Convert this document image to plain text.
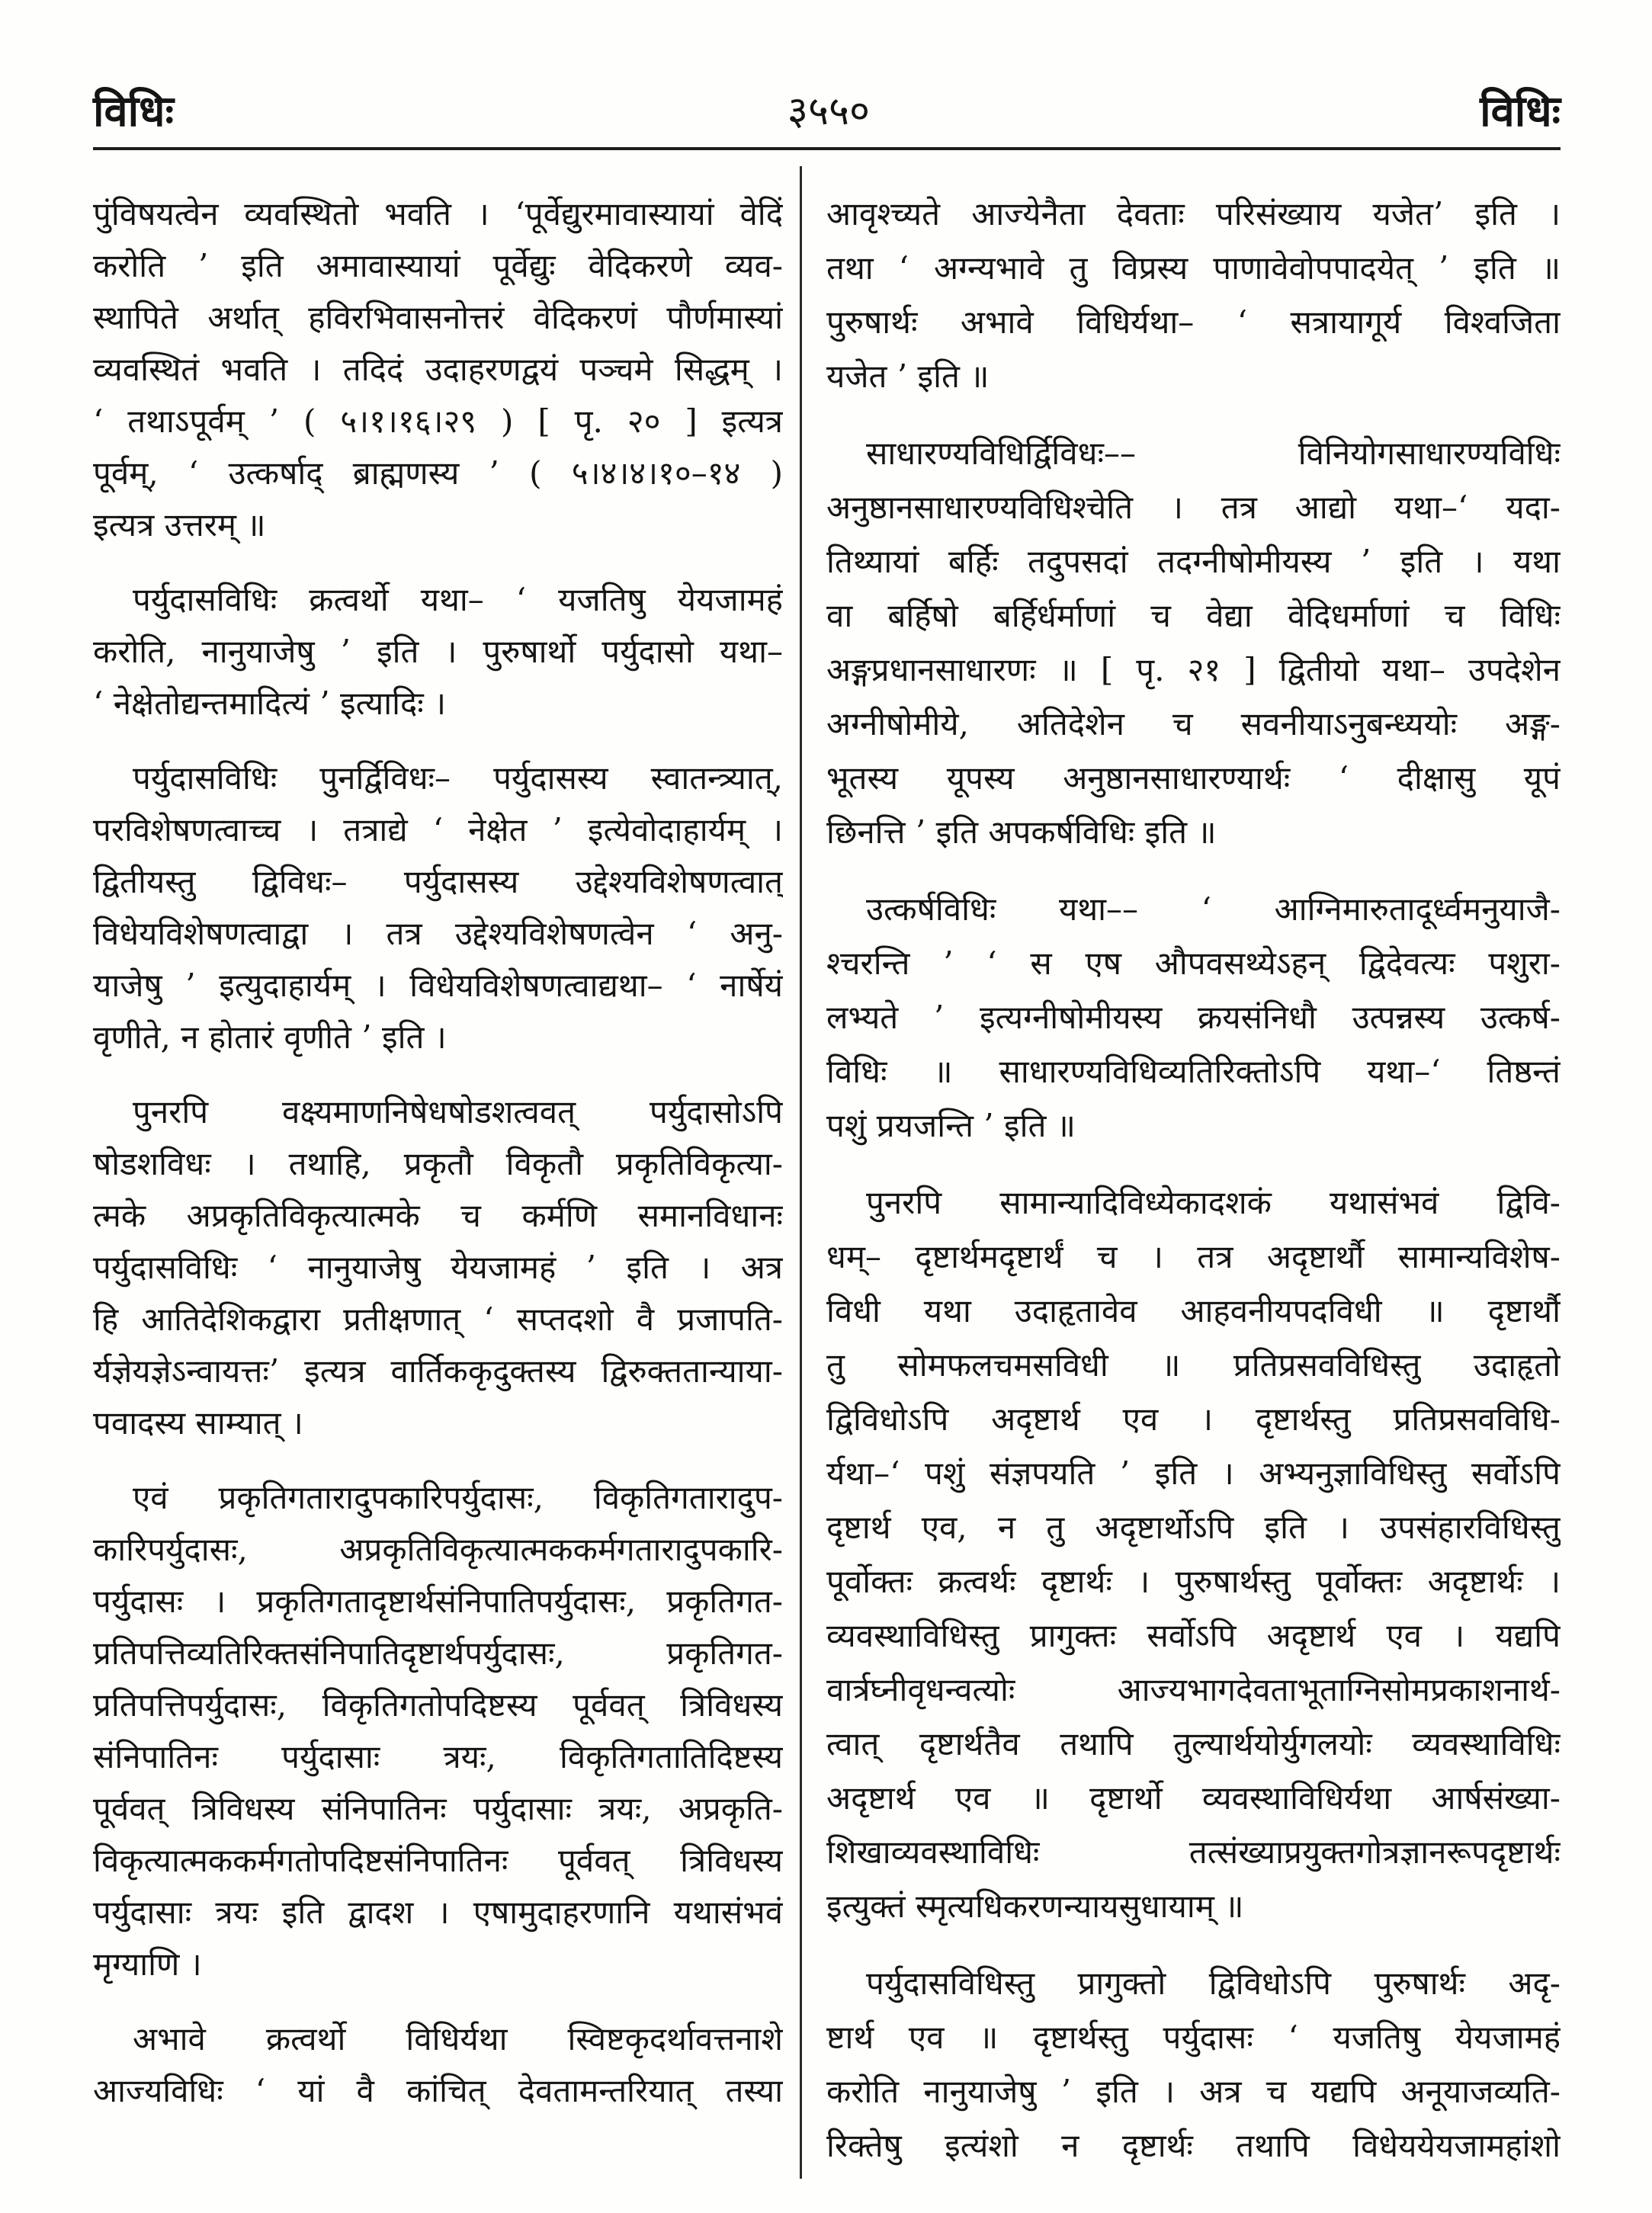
विधिः	३५५०	विधिः
पुंविषयत्वेन व्यवस्थितो भवति । ‘पूर्वेद्युरमावास्यायां वेदिं
करोति ’ इति अमावास्यायां पूर्वेद्युः वेदिकरणे व्यव-
स्थापिते अर्थात् हविरभिवासनोत्तरं वेदिकरणं पौर्णमास्यां
व्यवस्थितं भवति । तदिदं उदाहरणद्वयं पञ्चमे सिद्धम् ।
‘ तथाऽपूर्वम् ’ ( ५।१।१६।२९ ) [ पृ. २० ] इत्यत्र
पूर्वम्, ‘ उत्कर्षाद् ब्राह्मणस्य ’ ( ५।४।४।१०–१४ )
इत्यत्र उत्तरम् ॥
पर्युदासविधिः क्रत्वर्थो यथा– ‘ यजतिषु येयजामहं
करोति, नानुयाजेषु ’ इति । पुरुषार्थो पर्युदासो यथा–
‘ नेक्षेतोद्यन्तमादित्यं ’ इत्यादिः ।
पर्युदासविधिः पुनर्द्विविधः– पर्युदासस्य स्वातन्त्र्यात्,
परविशेषणत्वाच्च । तत्राद्ये ‘ नेक्षेत ’ इत्येवोदाहार्यम् ।
द्वितीयस्तु द्विविधः– पर्युदासस्य उद्देश्यविशेषणत्वात्
विधेयविशेषणत्वाद्वा । तत्र उद्देश्यविशेषणत्वेन ‘ अनु-
याजेषु ’ इत्युदाहार्यम् । विधेयविशेषणत्वाद्यथा– ‘ नार्षेयं
वृणीते, न होतारं वृणीते ’ इति ।
पुनरपि वक्ष्यमाणनिषेधषोडशत्ववत् पर्युदासोऽपि
षोडशविधः । तथाहि, प्रकृतौ विकृतौ प्रकृतिविकृत्या-
त्मके अप्रकृतिविकृत्यात्मके च कर्मणि समानविधानः
पर्युदासविधिः ‘ नानुयाजेषु येयजामहं ’ इति । अत्र
हि आतिदेशिकद्वारा प्रतीक्षणात् ‘ सप्तदशो वै प्रजापति-
र्यज्ञेयज्ञेऽन्वायत्तः’ इत्यत्र वार्तिककृदुक्तस्य द्विरुक्ततान्याया-
पवादस्य साम्यात् ।
एवं प्रकृतिगतारादुपकारिपर्युदासः, विकृतिगतारादुप-
कारिपर्युदासः, अप्रकृतिविकृत्यात्मककर्मगतारादुपकारि-
पर्युदासः । प्रकृतिगतादृष्टार्थसंनिपातिपर्युदासः, प्रकृतिगत-
प्रतिपत्तिव्यतिरिक्तसंनिपातिदृष्टार्थपर्युदासः, प्रकृतिगत-
प्रतिपत्तिपर्युदासः, विकृतिगतोपदिष्टस्य पूर्ववत् त्रिविधस्य
संनिपातिनः पर्युदासाः त्रयः, विकृतिगतातिदिष्टस्य
पूर्ववत् त्रिविधस्य संनिपातिनः पर्युदासाः त्रयः, अप्रकृति-
विकृत्यात्मककर्मगतोपदिष्टसंनिपातिनः पूर्ववत् त्रिविधस्य
पर्युदासाः त्रयः इति द्वादश । एषामुदाहरणानि यथासंभवं
मृग्याणि ।
अभावे क्रत्वर्थो विधिर्यथा स्विष्टकृदर्थावत्तनाशे
आज्यविधिः ‘ यां वै कांचित् देवतामन्तरियात् तस्या
आवृश्च्यते आज्येनैता देवताः परिसंख्याय यजेत’ इति ।
तथा ‘ अग्न्यभावे तु विप्रस्य पाणावेवोपपादयेत् ’ इति ॥
पुरुषार्थः अभावे विधिर्यथा– ‘ सत्रायागूर्य विश्वजिता
यजेत ’ इति ॥
साधारण्यविधिर्द्विविधः–– विनियोगसाधारण्यविधिः
अनुष्ठानसाधारण्यविधिश्चेति । तत्र आद्यो यथा–‘ यदा-
तिथ्यायां बर्हिः तदुपसदां तदग्नीषोमीयस्य ’ इति । यथा
वा बर्हिषो बर्हिर्धर्माणां च वेद्या वेदिधर्माणां च विधिः
अङ्गप्रधानसाधारणः ॥ [ पृ. २१ ] द्वितीयो यथा– उपदेशेन
अग्नीषोमीये, अतिदेशेन च सवनीयाऽनुबन्ध्ययोः अङ्ग-
भूतस्य यूपस्य अनुष्ठानसाधारण्यार्थः ‘ दीक्षासु यूपं
छिनत्ति ’ इति अपकर्षविधिः इति ॥
उत्कर्षविधिः यथा–– ‘ आग्निमारुतादूर्ध्वमनुयाजै-
श्चरन्ति ’ ‘ स एष औपवसथ्येऽहन् द्विदेवत्यः पशुरा-
लभ्यते ’ इत्यग्नीषोमीयस्य क्रयसंनिधौ उत्पन्नस्य उत्कर्ष-
विधिः ॥ साधारण्यविधिव्यतिरिक्तोऽपि यथा–‘ तिष्ठन्तं
पशुं प्रयजन्ति ’ इति ॥
पुनरपि सामान्यादिविध्येकादशकं यथासंभवं द्विवि-
धम्– दृष्टार्थमदृष्टार्थं च । तत्र अदृष्टार्थौ सामान्यविशेष-
विधी यथा उदाहृतावेव आहवनीयपदविधी ॥ दृष्टार्थौ
तु सोमफलचमसविधी ॥ प्रतिप्रसवविधिस्तु उदाहृतो
द्विविधोऽपि अदृष्टार्थ एव । दृष्टार्थस्तु प्रतिप्रसवविधि-
र्यथा–‘ पशुं संज्ञपयति ’ इति । अभ्यनुज्ञाविधिस्तु सर्वोऽपि
दृष्टार्थ एव, न तु अदृष्टार्थोऽपि इति । उपसंहारविधिस्तु
पूर्वोक्तः क्रत्वर्थः दृष्टार्थः । पुरुषार्थस्तु पूर्वोक्तः अदृष्टार्थः ।
व्यवस्थाविधिस्तु प्रागुक्तः सर्वोऽपि अदृष्टार्थ एव । यद्यपि
वार्त्रघ्नीवृधन्वत्योः आज्यभागदेवताभूताग्निसोमप्रकाशनार्थ-
त्वात् दृष्टार्थतैव तथापि तुल्यार्थयोर्युगलयोः व्यवस्थाविधिः
अदृष्टार्थ एव ॥ दृष्टार्थो व्यवस्थाविधिर्यथा आर्षसंख्या-
शिखाव्यवस्थाविधिः तत्संख्याप्रयुक्तगोत्रज्ञानरूपदृष्टार्थः
इत्युक्तं स्मृत्यधिकरणन्यायसुधायाम् ॥
पर्युदासविधिस्तु प्रागुक्तो द्विविधोऽपि पुरुषार्थः अदृ-
ष्टार्थ एव ॥ दृष्टार्थस्तु पर्युदासः ‘ यजतिषु येयजामहं
करोति नानुयाजेषु ’ इति । अत्र च यद्यपि अनूयाजव्यति-
रिक्तेषु इत्यंशो न दृष्टार्थः तथापि विधेययेयजामहांशो
